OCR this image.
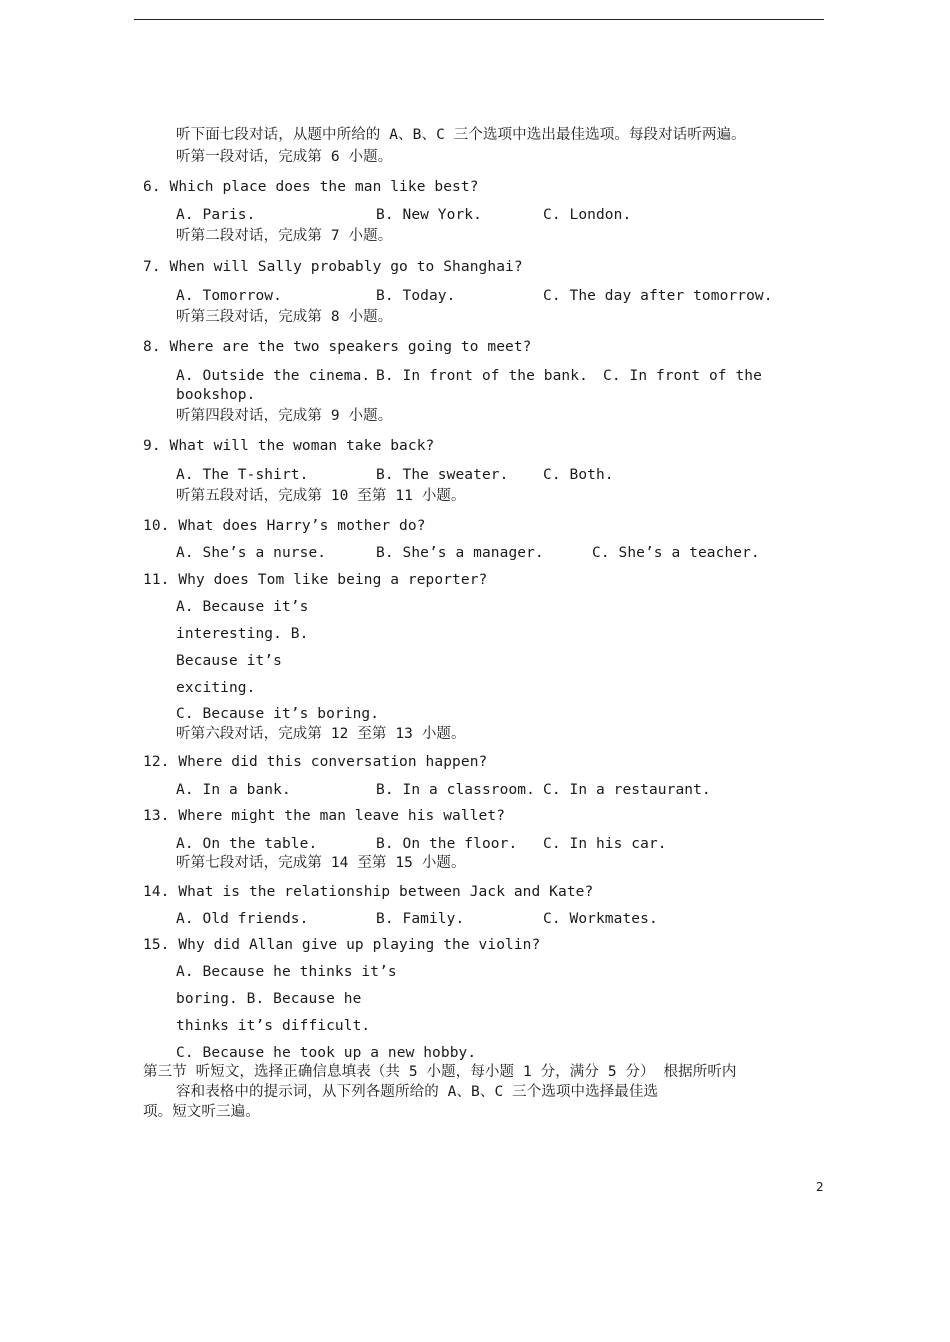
听下面七段对话，从题中所给的 A、B、C 三个选项中选出最佳选项。每段对话听两遍。
听第一段对话，完成第 6 小题。
6. Which place does the man like best?
A. Paris.	B. New York.	C. London.
听第二段对话，完成第 7 小题。
7. When will Sally probably go to Shanghai?
A. Tomorrow.	B. Today.	C. The day after tomorrow.
听第三段对话，完成第 8 小题。
8. Where are the two speakers going to meet?
A. Outside the cinema. B. In front of the bank. C. In front of the
bookshop.
听第四段对话，完成第 9 小题。
9. What will the woman take back?
A. The T-shirt.	B. The sweater. C. Both.
听第五段对话，完成第 10 至第 11 小题。
10. What does Harry’s mother do?
A. She’s a nurse.	B. She’s a manager.	C. She’s a teacher.
11. Why does Tom like being a reporter?
A. Because it’s
interesting. B.
Because it’s
exciting.
C. Because it’s boring.
听第六段对话，完成第 12 至第 13 小题。
12. Where did this conversation happen?
A. In a bank.	B. In a classroom. C. In a restaurant.
13. Where might the man leave his wallet?
A. On the table.	B. On the floor. C. In his car.
听第七段对话，完成第 14 至第 15 小题。
14. What is the relationship between Jack and Kate?
A. Old friends.	B. Family.	C. Workmates.
15. Why did Allan give up playing the violin?
A. Because he thinks it’s
boring. B. Because he
thinks it’s difficult.
C. Because he took up a new hobby.
第三节 听短文，选择正确信息填表（共 5 小题，每小题 1 分，满分 5 分） 根据所听内
容和表格中的提示词，从下列各题所给的 A、B、C 三个选项中选择最佳选
项。短文听三遍。
2
